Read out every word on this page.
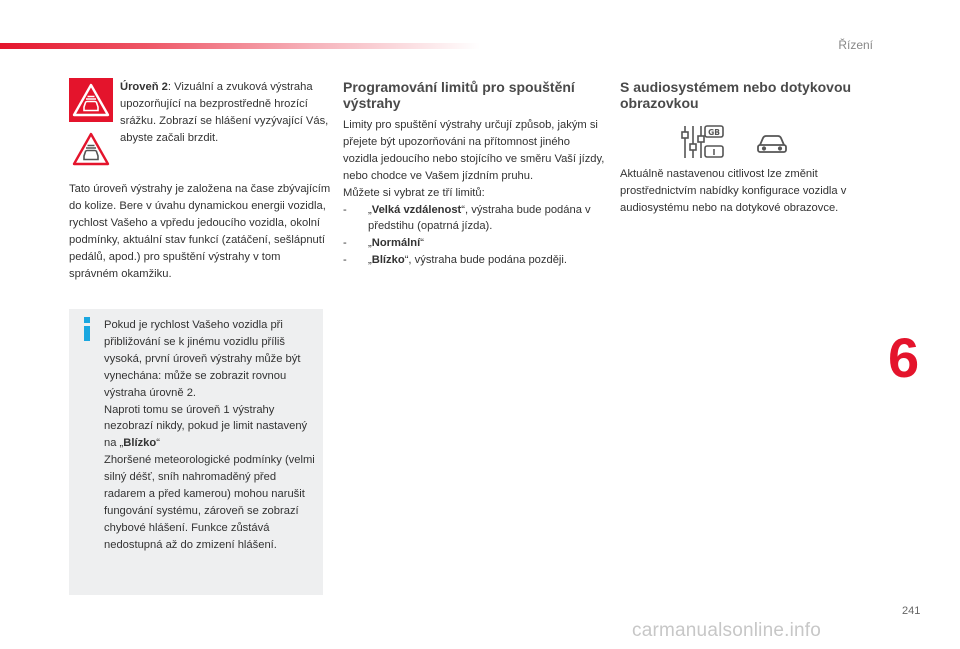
Řízení

Úroveň 2: Vizuální a zvuková výstraha upozorňující na bezprostředně hrozící srážku. Zobrazí se hlášení vyzývající Vás, abyste začali brzdit.

Tato úroveň výstrahy je založena na čase zbývajícím do kolize. Bere v úvahu dynamickou energii vozidla, rychlost Vašeho a vpředu jedoucího vozidla, okolní podmínky, aktuální stav funkcí (zatáčení, sešlápnutí pedálů, apod.) pro spuštění výstrahy v tom správném okamžiku.

Pokud je rychlost Vašeho vozidla při přibližování se k jinému vozidlu příliš vysoká, první úroveň výstrahy může být vynechána: může se zobrazit rovnou výstraha úrovně 2.

Naproti tomu se úroveň 1 výstrahy nezobrazí nikdy, pokud je limit nastavený na „Blízko“

Zhoršené meteorologické podmínky (velmi silný déšť, sníh nahromaděný před radarem a před kamerou) mohou narušit fungování systému, zároveň se zobrazí chybové hlášení. Funkce zůstává nedostupná až do zmizení hlášení.

Programování limitů pro spouštění výstrahy

Limity pro spuštění výstrahy určují způsob, jakým si přejete být upozorňováni na přítomnost jiného vozidla jedoucího nebo stojícího ve směru Vaší jízdy, nebo chodce ve Vašem jízdním pruhu.

Můžete si vybrat ze tří limitů:

- „Velká vzdálenost“, výstraha bude podána v předstihu (opatrná jízda).
- „Normální“
- „Blízko“, výstraha bude podána později.
S audiosystémem nebo dotykovou obrazovkou
GB
I

Aktuálně nastavenou citlivost lze změnit prostřednictvím nabídky konfigurace vozidla v audiosystému nebo na dotykové obrazovce.

6
241
carmanualsonline.info
